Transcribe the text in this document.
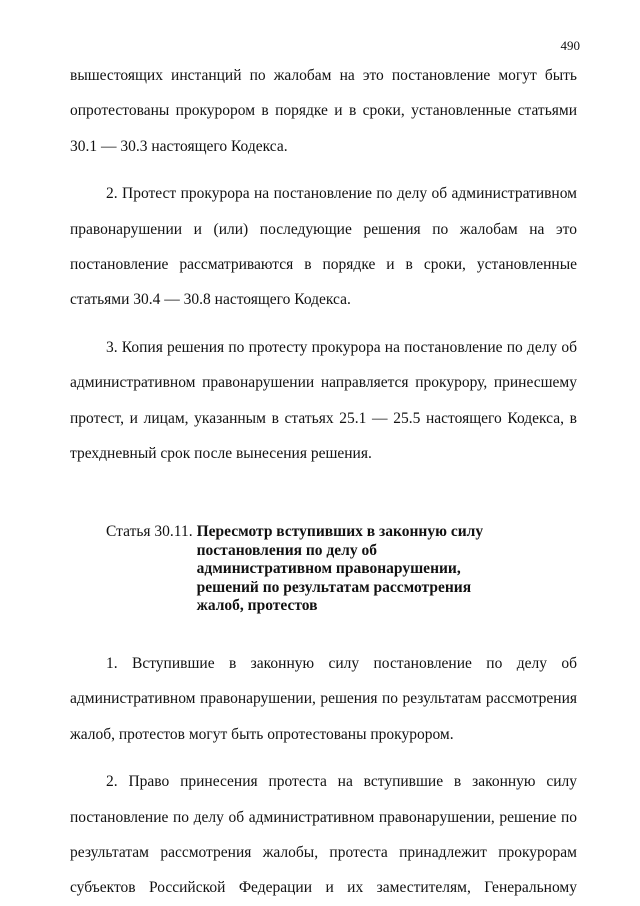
490

вышестоящих инстанций по жалобам на это постановление могут быть опротестованы прокурором в порядке и в сроки, установленные статьями 30.1 — 30.3 настоящего Кодекса.

2. Протест прокурора на постановление по делу об административном правонарушении и (или) последующие решения по жалобам на это постановление рассматриваются в порядке и в сроки, установленные статьями 30.4 — 30.8 настоящего Кодекса.

3. Копия решения по протесту прокурора на постановление по делу об административном правонарушении направляется прокурору, принесшему протест, и лицам, указанным в статьях 25.1 — 25.5 настоящего Кодекса, в трехдневный срок после вынесения решения.

Статья 30.11. Пересмотр вступивших в законную силу постановления по делу об административном правонарушении, решений по результатам рассмотрения жалоб, протестов

1. Вступившие в законную силу постановление по делу об административном правонарушении, решения по результатам рассмотрения жалоб, протестов могут быть опротестованы прокурором.

2. Право принесения протеста на вступившие в законную силу постановление по делу об административном правонарушении, решение по результатам рассмотрения жалобы, протеста принадлежит прокурорам субъектов Российской Федерации и их заместителям, Генеральному
